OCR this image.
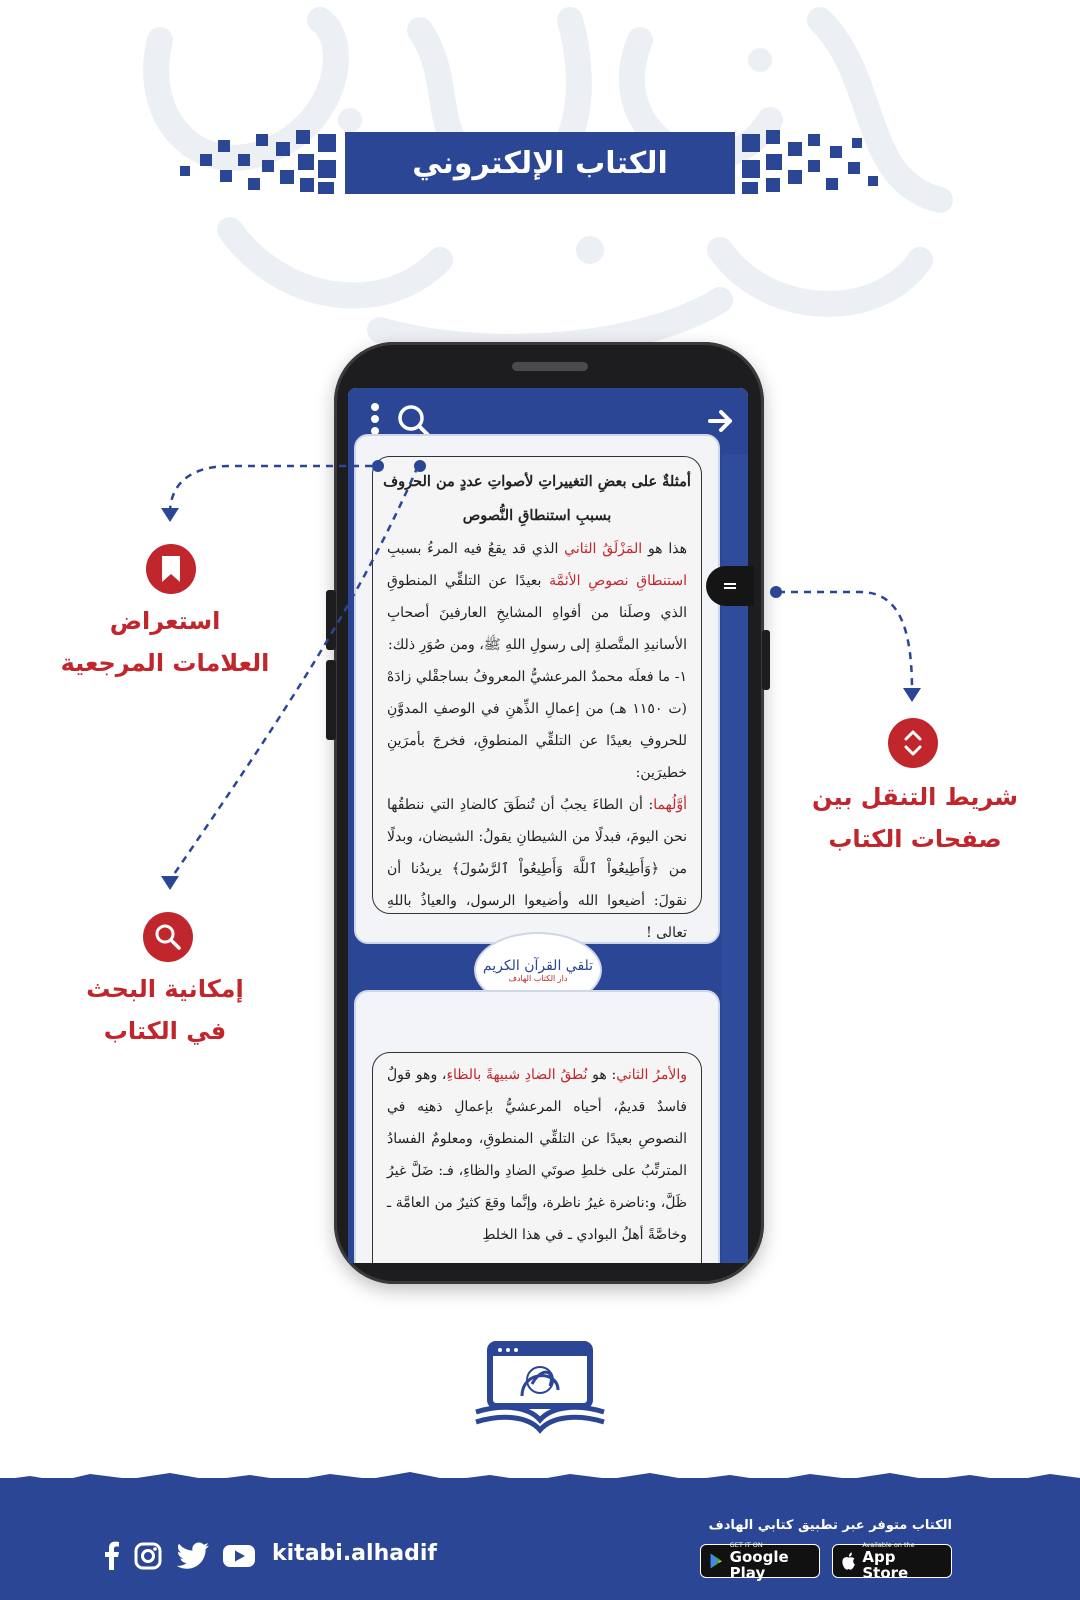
الكتاب الإلكتروني
أمثلةٌ على بعضِ التغييراتِ لأصواتِ عددٍ من الحروف
بسببِ استنطاقِ النُّصوص
هذا هو المَزْلَقُ الثاني الذي قد يقعُ فيه المرءُ بسببِ استنطاقِ نصوصِ الأئمَّة بعيدًا عن التلقِّي المنطوقِ الذي وصلَنا من أفواهِ المشايخِ العارفينَ أصحابِ الأسانيدِ المتَّصلةِ إلى رسولِ اللهِ ﷺ، ومن صُوَرِ ذلك:
١- ما فعلَه محمدٌ المرعشيُّ المعروفُ بساجقْلي زادَهْ (ت ١١٥٠ هـ) من إعمالِ الذِّهنِ في الوصفِ المدوَّنِ للحروفِ بعيدًا عن التلقِّي المنطوقِ، فخرجَ بأمرَينِ خطيرَين:
أوَّلُهما: أن الطاءَ يجبُ أن تُنطَقَ كالضادِ التي ننطقُها نحن اليومَ، فبدلًا من الشيطانِ يقولُ: الشيضان، وبدلًا من ﴿وَأَطِيعُواْ ٱللَّهَ وَأَطِيعُواْ ٱلرَّسُولَ﴾ يريدُنا أن نقولَ: أضيعوا الله وأضيعوا الرسول، والعياذُ باللهِ تعالى !
تلقي القرآن الكريم
دار الكتاب الهادف
والأمرُ الثاني: هو نُطقُ الضادِ شبيهةً بالظاءِ، وهو قولٌ فاسدٌ قديمٌ، أحياه المرعشيُّ بإعمالِ ذهنِه في النصوصِ بعيدًا عن التلقِّي المنطوقِ، ومعلومٌ الفسادُ المترتِّبُ على خلطِ صوتَي الضادِ والظاءِ، فـ: ضَلَّ غيرُ ظَلَّ، و:ناضرة غيرُ ناظرة، وإنَّما وقعَ كثيرٌ من العامَّة ـ وخاصَّةً أهلُ البوادي ـ في هذا الخلطِ
استعراض
العلامات المرجعية
إمكانية البحث
في الكتاب
شريط التنقل بين
صفحات الكتاب
الكتاب متوفر عبر تطبيق كتابي الهادف
GET IT ON
Google Play
Available on the
App Store
kitabi.alhadif
